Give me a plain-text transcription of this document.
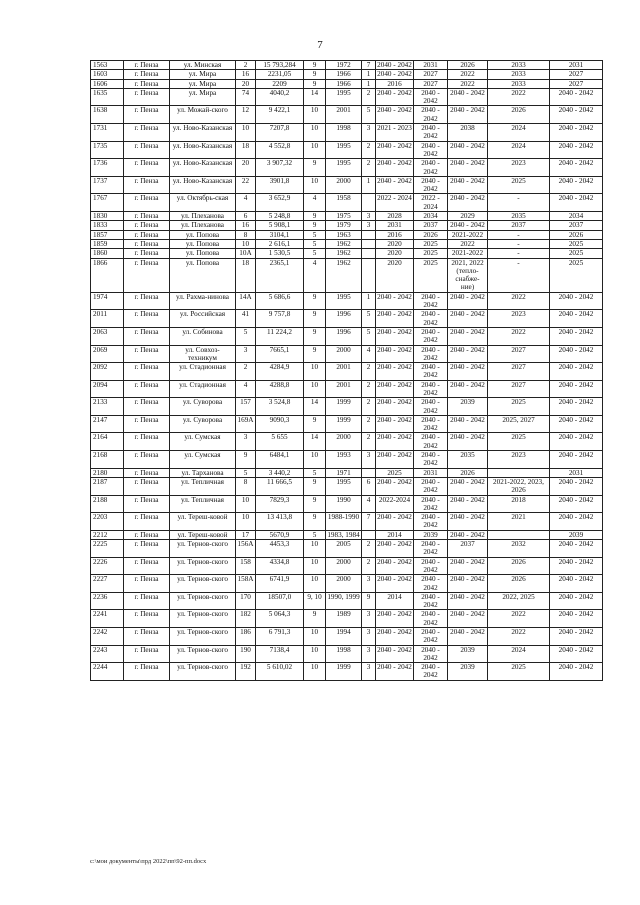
7
1563	г. Пенза	ул. Минская	2	15 793,284	9	1972	7	2040 - 2042	2031	2026	2033	2031
1603	г. Пенза	ул. Мира	16	2231,05	9	1966	1	2040 - 2042	2027	2022	2033	2027
1606	г. Пенза	ул. Мира	20	2209	9	1966	1	2016	2027	2022	2033	2027
1635	г. Пенза	ул. Мира	74	4040,2	14	1995	2	2040 - 2042	2040 - 2042	2040 - 2042	2022	2040 - 2042
1638	г. Пенза	ул. Можай-ского	12	9 422,1	10	2001	5	2040 - 2042	2040 - 2042	2040 - 2042	2026	2040 - 2042
1731	г. Пенза	ул. Ново-Казанская	10	7207,8	10	1998	3	2021 - 2023	2040 - 2042	2038	2024	2040 - 2042
1735	г. Пенза	ул. Ново-Казанская	18	4 552,8	10	1995	2	2040 - 2042	2040 - 2042	2040 - 2042	2024	2040 - 2042
1736	г. Пенза	ул. Ново-Казанская	20	3 907,32	9	1995	2	2040 - 2042	2040 - 2042	2040 - 2042	2023	2040 - 2042
1737	г. Пенза	ул. Ново-Казанская	22	3901,8	10	2000	1	2040 - 2042	2040 - 2042	2040 - 2042	2025	2040 - 2042
1767	г. Пенза	ул. Октябрь-ская	4	3 652,9	4	1958		2022 - 2024	2022 - 2024	2040 - 2042	-	2040 - 2042
1830	г. Пенза	ул. Плеханова	6	5 248,8	9	1975	3	2028	2034	2029	2035	2034
1833	г. Пенза	ул. Плеханова	16	5 908,1	9	1979	3	2031	2037	2040 - 2042	2037	2037
1857	г. Пенза	ул. Попова	8	3104,1	5	1963		2016	2026	2021-2022	-	2026
1859	г. Пенза	ул. Попова	10	2 616,1	5	1962		2020	2025	2022	-	2025
1860	г. Пенза	ул. Попова	10А	1 530,5	5	1962		2020	2025	2021-2022	-	2025
1866	г. Пенза	ул. Попова	18	2365,1	4	1962		2020	2025	2021, 2022 (тепло-снабже-ние)	-	2025
1974	г. Пенза	ул. Рахма-нинова	14А	5 686,6	9	1995	1	2040 - 2042	2040 - 2042	2040 - 2042	2022	2040 - 2042
2011	г. Пенза	ул. Российская	41	9 757,8	9	1996	5	2040 - 2042	2040 - 2042	2040 - 2042	2023	2040 - 2042
2063	г. Пенза	ул. Собинова	5	11 224,2	9	1996	5	2040 - 2042	2040 - 2042	2040 - 2042	2022	2040 - 2042
2069	г. Пенза	ул. Совхоз-техникум	3	7665,1	9	2000	4	2040 - 2042	2040 - 2042	2040 - 2042	2027	2040 - 2042
2092	г. Пенза	ул. Стадионная	2	4284,9	10	2001	2	2040 - 2042	2040 - 2042	2040 - 2042	2027	2040 - 2042
2094	г. Пенза	ул. Стадионная	4	4288,8	10	2001	2	2040 - 2042	2040 - 2042	2040 - 2042	2027	2040 - 2042
2133	г. Пенза	ул. Суворова	157	3 524,8	14	1999	2	2040 - 2042	2040 - 2042	2039	2025	2040 - 2042
2147	г. Пенза	ул. Суворова	169А	9090,3	9	1999	2	2040 - 2042	2040 - 2042	2040 - 2042	2025, 2027	2040 - 2042
2164	г. Пенза	ул. Сумская	3	5 655	14	2000	2	2040 - 2042	2040 - 2042	2040 - 2042	2025	2040 - 2042
2168	г. Пенза	ул. Сумская	9	6484,1	10	1993	3	2040 - 2042	2040 - 2042	2035	2023	2040 - 2042
2180	г. Пенза	ул. Тарханова	5	3 440,2	5	1971		2025	2031	2026		2031
2187	г. Пенза	ул. Тепличная	8	11 666,5	9	1995	6	2040 - 2042	2040 - 2042	2040 - 2042	2021-2022, 2023, 2026	2040 - 2042
2188	г. Пенза	ул. Тепличная	10	7829,3	9	1990	4	2022-2024	2040 - 2042	2040 - 2042	2018	2040 - 2042
2203	г. Пенза	ул. Тереш-ковой	10	13 413,8	9	1988-1990	7	2040 - 2042	2040 - 2042	2040 - 2042	2021	2040 - 2042
2212	г. Пенза	ул. Тереш-ковой	17	5670,9	5	1983, 1984		2014	2039	2040 - 2042		2039
2225	г. Пенза	ул. Тернов-ского	156А	4453,3	10	2005	2	2040 - 2042	2040 - 2042	2037	2032	2040 - 2042
2226	г. Пенза	ул. Тернов-ского	158	4334,8	10	2000	2	2040 - 2042	2040 - 2042	2040 - 2042	2026	2040 - 2042
2227	г. Пенза	ул. Тернов-ского	158А	6741,9	10	2000	3	2040 - 2042	2040 - 2042	2040 - 2042	2026	2040 - 2042
2236	г. Пенза	ул. Тернов-ского	170	18507,0	9, 10	1990, 1999	9	2014	2040 - 2042	2040 - 2042	2022, 2025	2040 - 2042
2241	г. Пенза	ул. Тернов-ского	182	5 064,3	9	1989	3	2040 - 2042	2040 - 2042	2040 - 2042	2022	2040 - 2042
2242	г. Пенза	ул. Тернов-ского	186	6 791,3	10	1994	3	2040 - 2042	2040 - 2042	2040 - 2042	2022	2040 - 2042
2243	г. Пенза	ул. Тернов-ского	190	7138,4	10	1998	3	2040 - 2042	2040 - 2042	2039	2024	2040 - 2042
2244	г. Пенза	ул. Тернов-ского	192	5 610,02	10	1999	3	2040 - 2042	2040 - 2042	2039	2025	2040 - 2042
c:\мои документы\прд 2022\пп\92-пп.docx
